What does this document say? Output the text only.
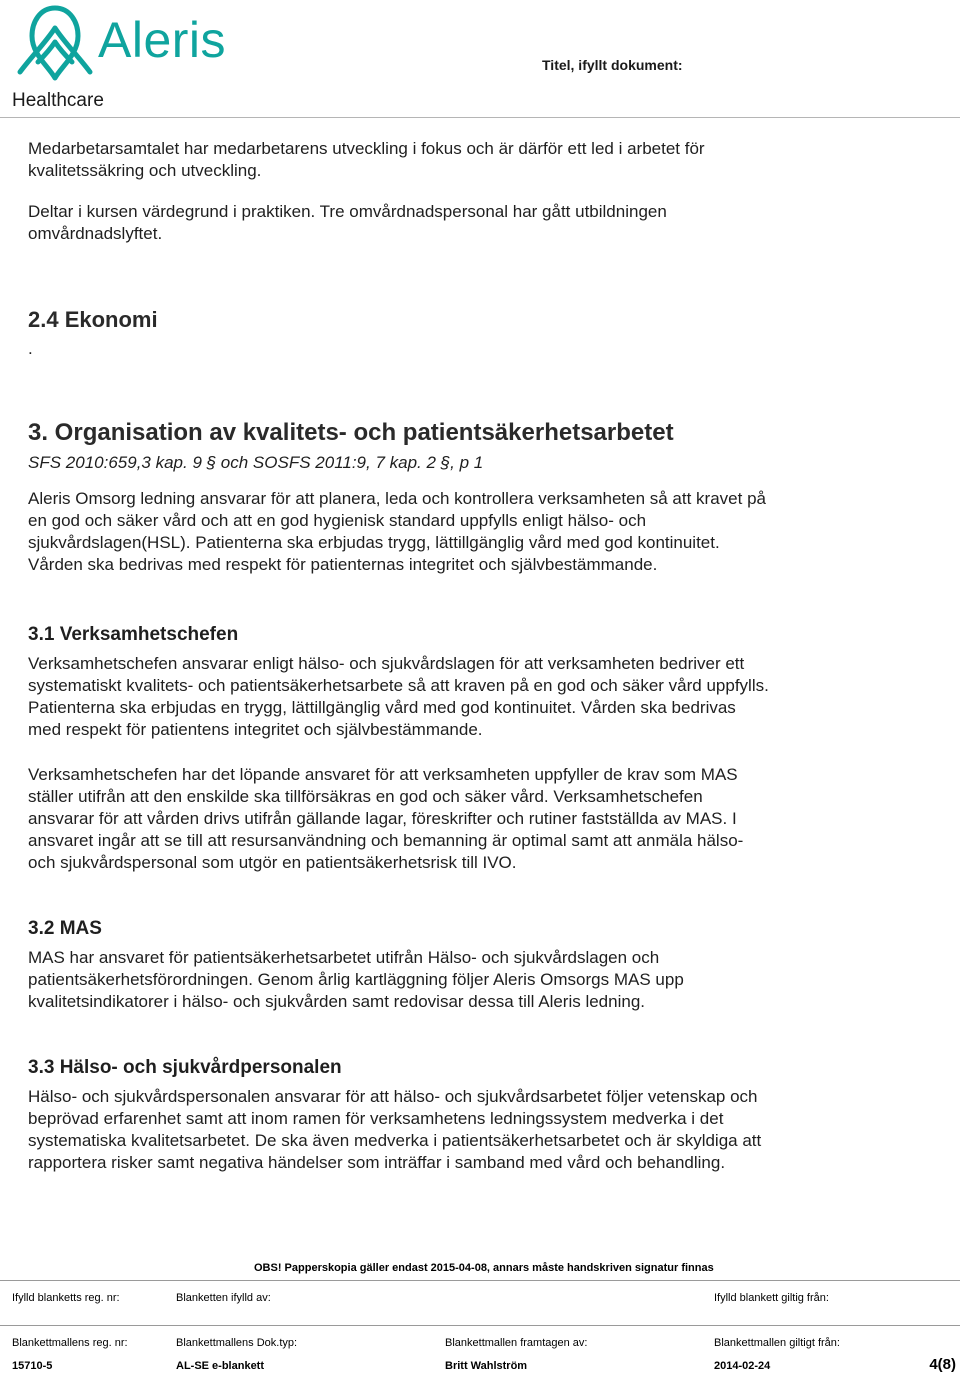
Aleris
Healthcare
Titel, ifyllt dokument:
Medarbetarsamtalet har medarbetarens utveckling i fokus och är därför ett led i arbetet för
kvalitetssäkring och utveckling.
Deltar i kursen värdegrund i praktiken. Tre omvårdnadspersonal har gått utbildningen
omvårdnadslyftet.
2.4 Ekonomi
.
3. Organisation av kvalitets- och patientsäkerhetsarbetet
SFS 2010:659,3 kap. 9 § och SOSFS 2011:9, 7 kap. 2 §, p 1
Aleris Omsorg ledning ansvarar för att planera, leda och kontrollera verksamheten så att kravet på
en god och säker vård och att en god hygienisk standard uppfylls enligt hälso- och
sjukvårdslagen(HSL). Patienterna ska erbjudas trygg, lättillgänglig vård med god kontinuitet.
Vården ska bedrivas med respekt för patienternas integritet och självbestämmande.
3.1 Verksamhetschefen
Verksamhetschefen ansvarar enligt hälso- och sjukvårdslagen för att verksamheten bedriver ett
systematiskt kvalitets- och patientsäkerhetsarbete så att kraven på en god och säker vård uppfylls.
Patienterna ska erbjudas en trygg, lättillgänglig vård med god kontinuitet. Vården ska bedrivas
med respekt för patientens integritet och självbestämmande.
Verksamhetschefen har det löpande ansvaret för att verksamheten uppfyller de krav som MAS
ställer utifrån att den enskilde ska tillförsäkras en god och säker vård. Verksamhetschefen
ansvarar för att vården drivs utifrån gällande lagar, föreskrifter och rutiner fastställda av MAS. I
ansvaret ingår att se till att resursanvändning och bemanning är optimal samt att anmäla hälso-
och sjukvårdspersonal som utgör en patientsäkerhetsrisk till IVO.
3.2 MAS
MAS har ansvaret för patientsäkerhetsarbetet utifrån Hälso- och sjukvårdslagen och
patientsäkerhetsförordningen. Genom årlig kartläggning följer Aleris Omsorgs MAS upp
kvalitetsindikatorer i hälso- och sjukvården samt redovisar dessa till Aleris ledning.
3.3 Hälso- och sjukvårdpersonalen
Hälso- och sjukvårdspersonalen ansvarar för att hälso- och sjukvårdsarbetet följer vetenskap och
beprövad erfarenhet samt att inom ramen för verksamhetens ledningssystem medverka i det
systematiska kvalitetsarbetet. De ska även medverka i patientsäkerhetsarbetet och är skyldiga att
rapportera risker samt negativa händelser som inträffar i samband med vård och behandling.
OBS! Papperskopia gäller endast 2015-04-08, annars måste handskriven signatur finnas
Ifylld blanketts reg. nr:	Blanketten ifylld av:	Ifylld blankett giltig från:
Blankettmallens reg. nr:	Blankettmallens Dok.typ:	Blankettmallen framtagen av:	Blankettmallen giltigt från:
15710-5	AL-SE e-blankett	Britt Wahlström	2014-02-24	4(8)
